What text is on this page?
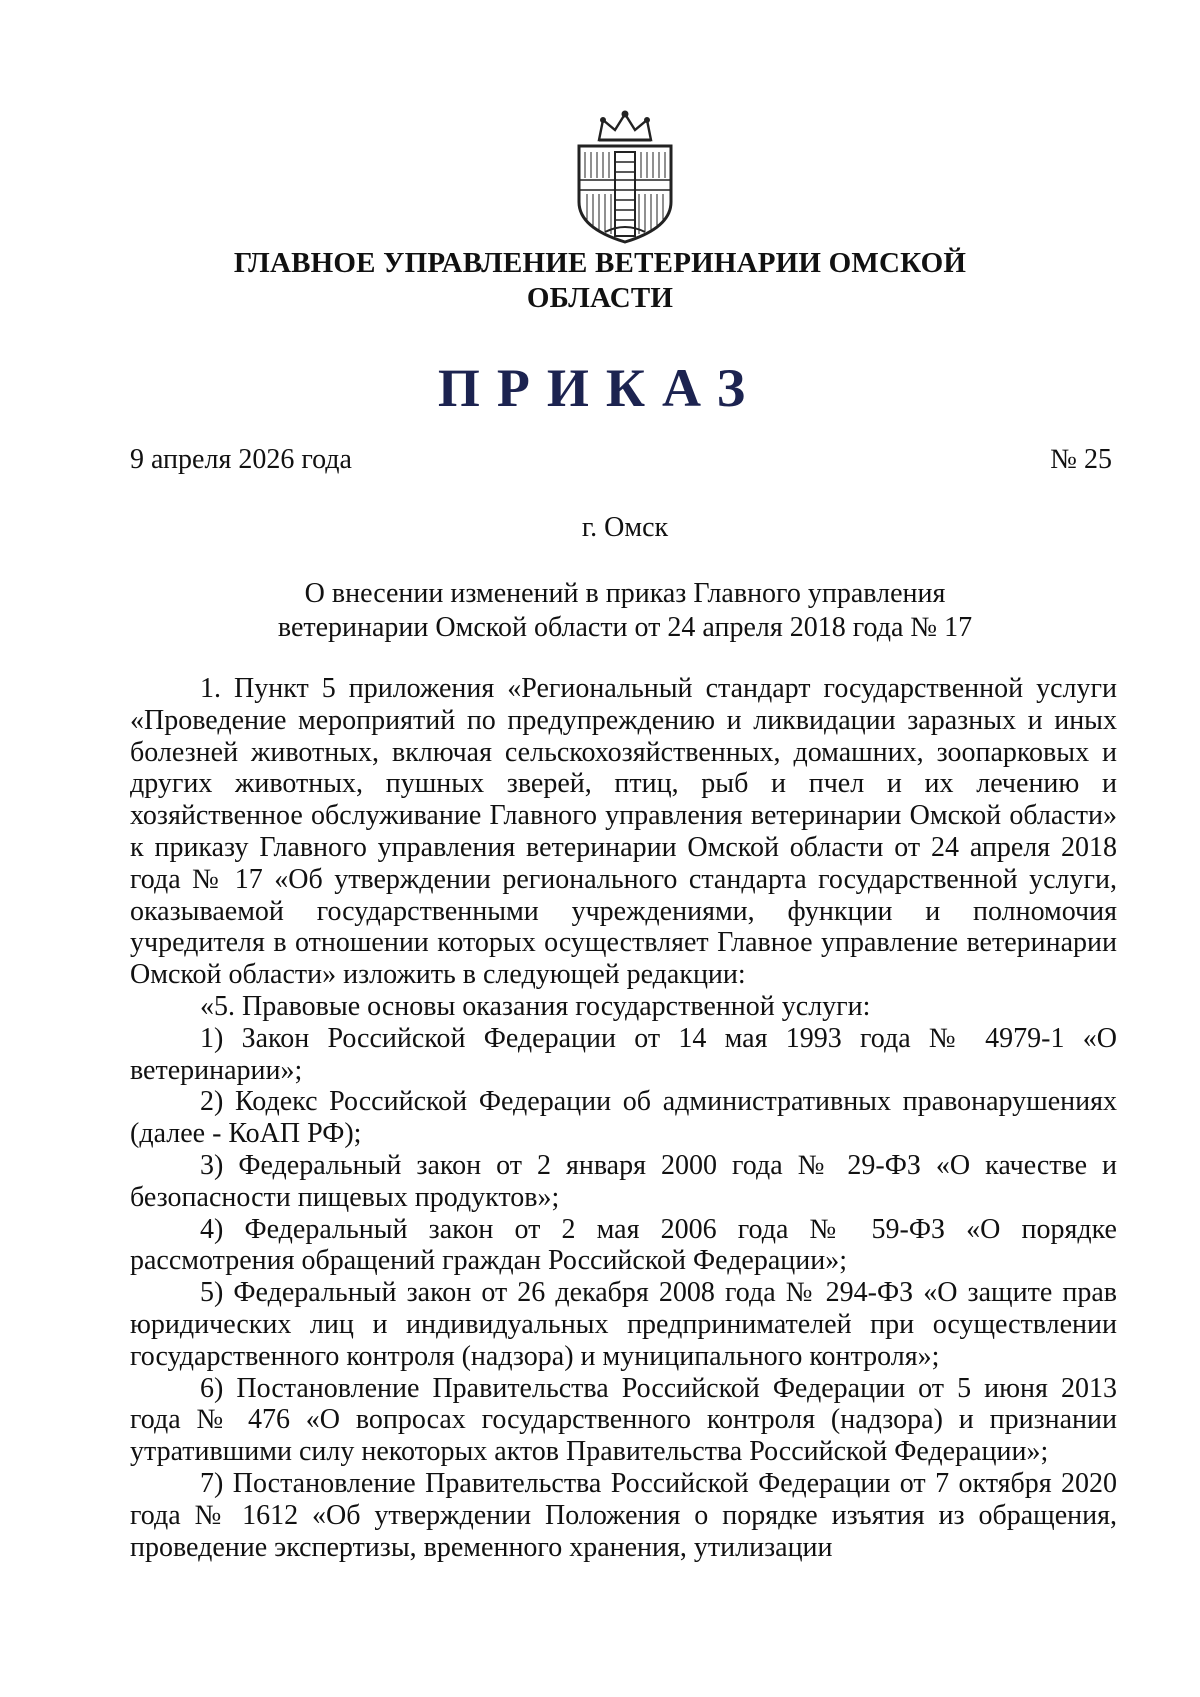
ГЛАВНОЕ УПРАВЛЕНИЕ ВЕТЕРИНАРИИ ОМСКОЙ
ОБЛАСТИ
ПРИКАЗ
9 апреля 2026 года	№ 25
г. Омск
О внесении изменений в приказ Главного управления
ветеринарии Омской области от 24 апреля 2018 года № 17

1. Пункт 5 приложения «Региональный стандарт государственной услуги «Проведение мероприятий по предупреждению и ликвидации заразных и иных болезней животных, включая сельскохозяйственных, домашних, зоопарковых и других животных, пушных зверей, птиц, рыб и пчел и их лечению и хозяйственное обслуживание Главного управления ветеринарии Омской области» к приказу Главного управления ветеринарии Омской области от 24 апреля 2018 года № 17 «Об утверждении регионального стандарта государственной услуги, оказываемой государственными учреждениями, функции и полномочия учредителя в отношении которых осуществляет Главное управление ветеринарии Омской области» изложить в следующей редакции:

«5. Правовые основы оказания государственной услуги:

1) Закон Российской Федерации от 14 мая 1993 года № 4979-1 «О ветеринарии»;

2) Кодекс Российской Федерации об административных правонарушениях (далее - КоАП РФ);

3) Федеральный закон от 2 января 2000 года № 29-ФЗ «О качестве и безопасности пищевых продуктов»;

4) Федеральный закон от 2 мая 2006 года № 59-ФЗ «О порядке рассмотрения обращений граждан Российской Федерации»;

5) Федеральный закон от 26 декабря 2008 года № 294-ФЗ «О защите прав юридических лиц и индивидуальных предпринимателей при осуществлении государственного контроля (надзора) и муниципального контроля»;

6) Постановление Правительства Российской Федерации от 5 июня 2013 года № 476 «О вопросах государственного контроля (надзора) и признании утратившими силу некоторых актов Правительства Российской Федерации»;

7) Постановление Правительства Российской Федерации от 7 октября 2020 года № 1612 «Об утверждении Положения о порядке изъятия из обращения, проведение экспертизы, временного хранения, утилизации
